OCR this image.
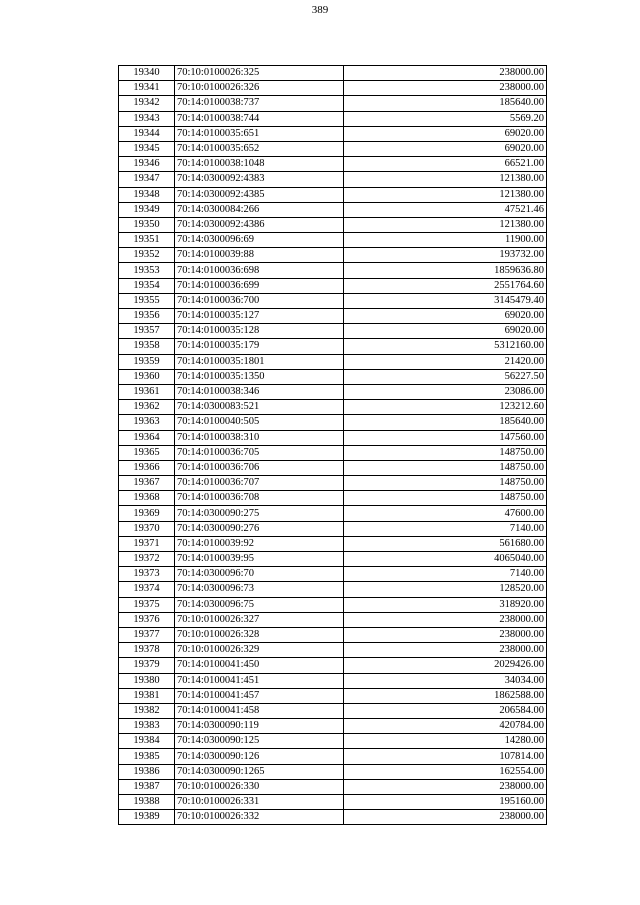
389
19340	70:10:0100026:325	238000.00
19341	70:10:0100026:326	238000.00
19342	70:14:0100038:737	185640.00
19343	70:14:0100038:744	5569.20
19344	70:14:0100035:651	69020.00
19345	70:14:0100035:652	69020.00
19346	70:14:0100038:1048	66521.00
19347	70:14:0300092:4383	121380.00
19348	70:14:0300092:4385	121380.00
19349	70:14:0300084:266	47521.46
19350	70:14:0300092:4386	121380.00
19351	70:14:0300096:69	11900.00
19352	70:14:0100039:88	193732.00
19353	70:14:0100036:698	1859636.80
19354	70:14:0100036:699	2551764.60
19355	70:14:0100036:700	3145479.40
19356	70:14:0100035:127	69020.00
19357	70:14:0100035:128	69020.00
19358	70:14:0100035:179	5312160.00
19359	70:14:0100035:1801	21420.00
19360	70:14:0100035:1350	56227.50
19361	70:14:0100038:346	23086.00
19362	70:14:0300083:521	123212.60
19363	70:14:0100040:505	185640.00
19364	70:14:0100038:310	147560.00
19365	70:14:0100036:705	148750.00
19366	70:14:0100036:706	148750.00
19367	70:14:0100036:707	148750.00
19368	70:14:0100036:708	148750.00
19369	70:14:0300090:275	47600.00
19370	70:14:0300090:276	7140.00
19371	70:14:0100039:92	561680.00
19372	70:14:0100039:95	4065040.00
19373	70:14:0300096:70	7140.00
19374	70:14:0300096:73	128520.00
19375	70:14:0300096:75	318920.00
19376	70:10:0100026:327	238000.00
19377	70:10:0100026:328	238000.00
19378	70:10:0100026:329	238000.00
19379	70:14:0100041:450	2029426.00
19380	70:14:0100041:451	34034.00
19381	70:14:0100041:457	1862588.00
19382	70:14:0100041:458	206584.00
19383	70:14:0300090:119	420784.00
19384	70:14:0300090:125	14280.00
19385	70:14:0300090:126	107814.00
19386	70:14:0300090:1265	162554.00
19387	70:10:0100026:330	238000.00
19388	70:10:0100026:331	195160.00
19389	70:10:0100026:332	238000.00
